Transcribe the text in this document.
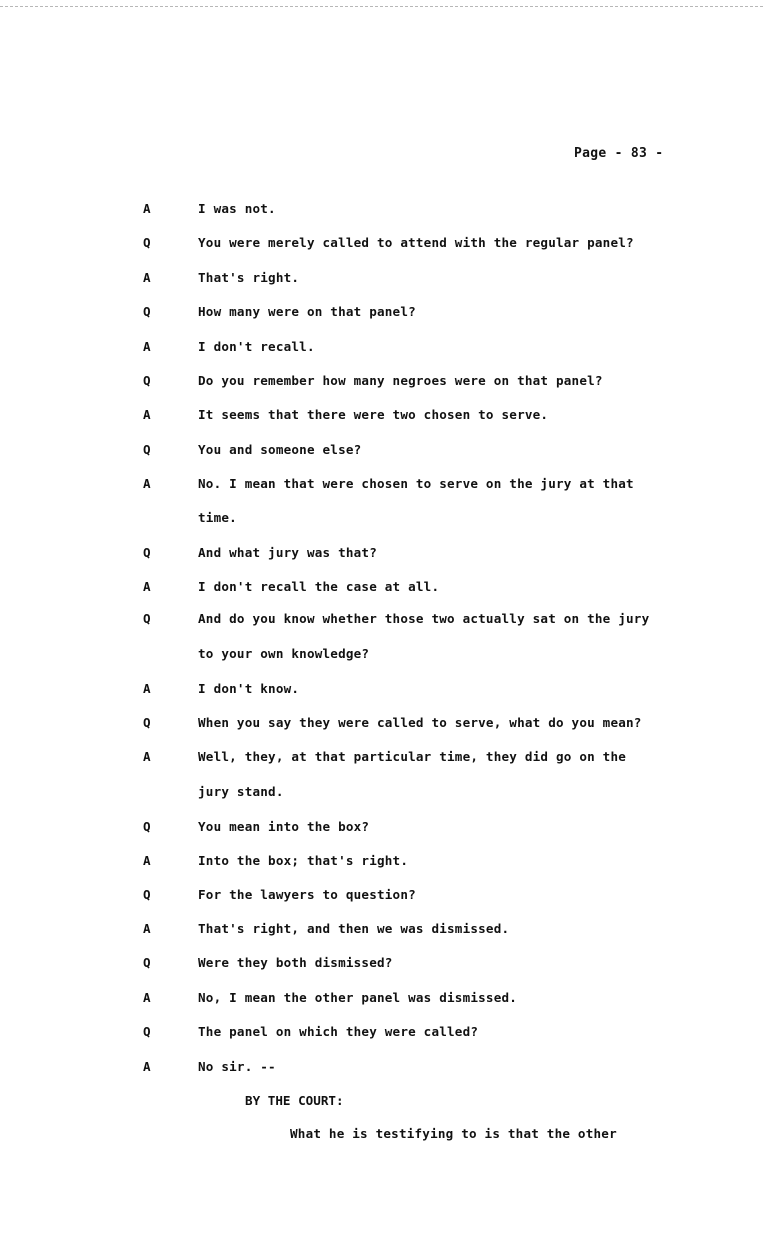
Page - 83 -
A	I was not.
Q	You were merely called to attend with the regular panel?
A	That's right.
Q	How many were on that panel?
A	I don't recall.
Q	Do you remember how many negroes were on that panel?
A	It seems that there were two chosen to serve.
Q	You and someone else?
A	No. I mean that were chosen to serve on the jury at that
time.
Q	And what jury was that?
A	I don't recall the case at all.
Q	And do you know whether those two actually sat on the jury
to your own knowledge?
A	I don't know.
Q	When you say they were called to serve, what do you mean?
A	Well, they, at that particular time, they did go on the
jury stand.
Q	You mean into the box?
A	Into the box; that's right.
Q	For the lawyers to question?
A	That's right, and then we was dismissed.
Q	Were they both dismissed?
A	No, I mean the other panel was dismissed.
Q	The panel on which they were called?
A	No sir. --
BY THE COURT:
What he is testifying to is that the other
